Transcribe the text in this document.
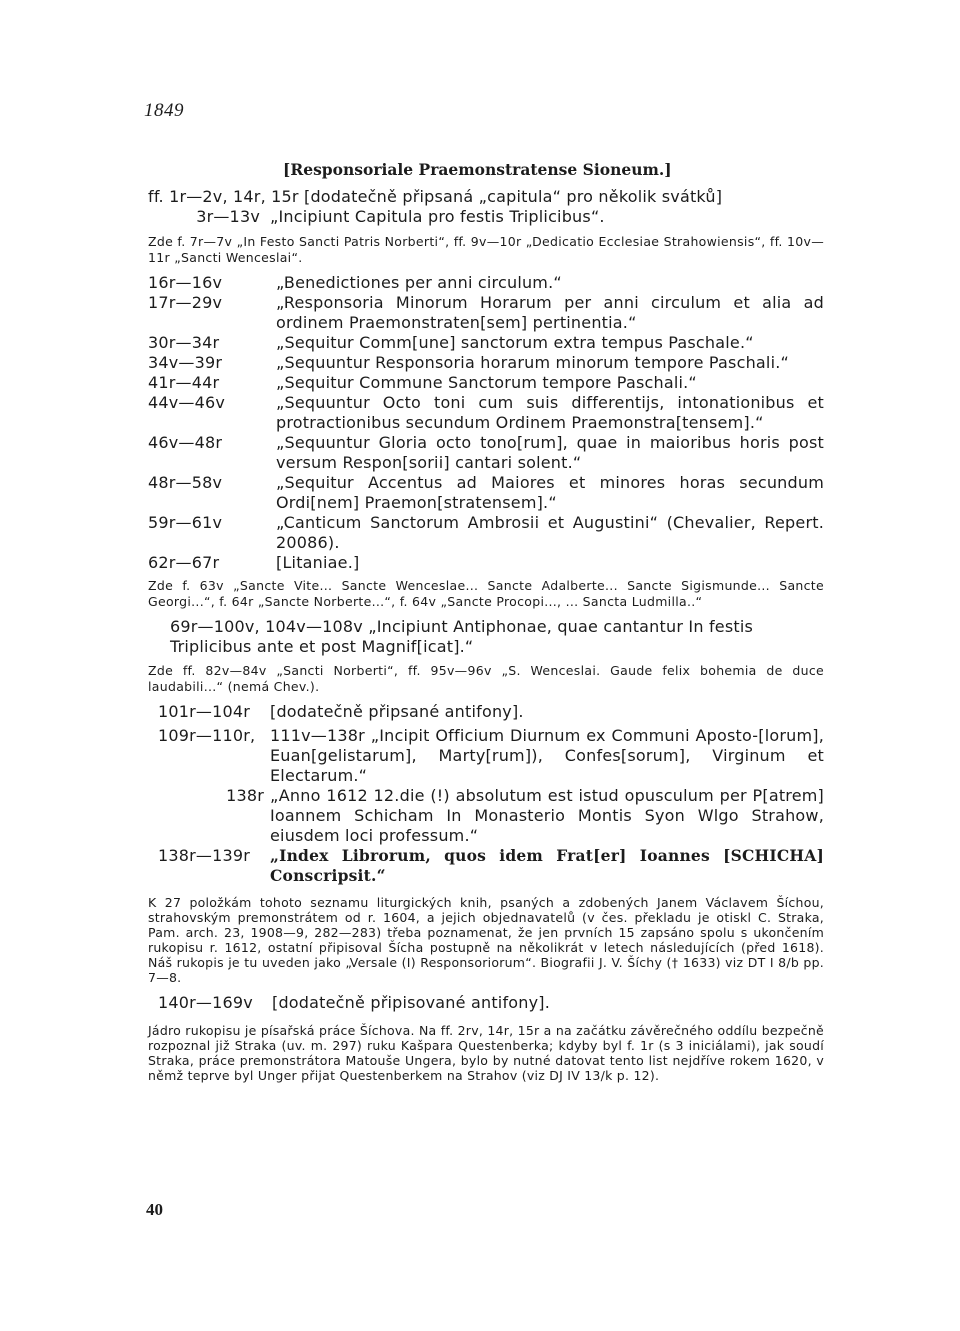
1849
[Responsoriale Praemonstratense Sioneum.]
ff. 1r—2v, 14r, 15r [dodatečně připsaná „capitula“ pro několik svátků]
3r—13v „Incipiunt Capitula pro festis Triplicibus“.
Zde f. 7r—7v „In Festo Sancti Patris Norberti“, ff. 9v—10r „Dedicatio Ecclesiae Strahowiensis“, ff. 10v—11r „Sancti Wenceslai“.
16r—16v	„Benedictiones per anni circulum.“
17r—29v	„Responsoria Minorum Horarum per anni circulum et alia ad ordinem Praemonstraten[sem] pertinentia.“
30r—34r	„Sequitur Comm[une] sanctorum extra tempus Paschale.“
34v—39r	„Sequuntur Responsoria horarum minorum tempore Paschali.“
41r—44r	„Sequitur Commune Sanctorum tempore Paschali.“
44v—46v	„Sequuntur Octo toni cum suis differentijs, intonationibus et protractionibus secundum Ordinem Praemonstra[tensem].“
46v—48r	„Sequuntur Gloria octo tono[rum], quae in maioribus horis post versum Respon[sorii] cantari solent.“
48r—58v	„Sequitur Accentus ad Maiores et minores horas secundum Ordi[nem] Praemon[stratensem].“
59r—61v	„Canticum Sanctorum Ambrosii et Augustini“ (Chevalier, Repert. 20086).
62r—67r	[Litaniae.]
Zde f. 63v „Sancte Vite... Sancte Wenceslae... Sancte Adalberte... Sancte Sigismunde... Sancte Georgi...“, f. 64r „Sancte Norberte...“, f. 64v „Sancte Procopi..., ... Sancta Ludmilla..“
69r—100v, 104v—108v „Incipiunt Antiphonae, quae cantantur In festis Triplicibus ante et post Magnif[icat].“
Zde ff. 82v—84v „Sancti Norberti“, ff. 95v—96v „S. Wenceslai. Gaude felix bohemia de duce laudabili...“ (nemá Chev.).
101r—104r	[dodatečně připsané antifony].
109r—110r, 111v—138r „Incipit Officium Diurnum ex Communi Aposto-[lorum], Euan[gelistarum], Marty[rum]), Confes[sorum], Virginum et Electarum.“
138r „Anno 1612 12.die (!) absolutum est istud opusculum per P[atrem] Ioannem Schicham In Monasterio Montis Syon Wlgo Strahow, eiusdem loci professum.“
138r—139r	„Index Librorum, quos idem Frat[er] Ioannes [SCHICHA] Conscripsit.“
K 27 položkám tohoto seznamu liturgických knih, psaných a zdobených Janem Václavem Šíchou, strahovským premonstrátem od r. 1604, a jejich objednavatelů (v čes. překladu je otiskl C. Straka, Pam. arch. 23, 1908—9, 282—283) třeba poznamenat, že jen prvních 15 zapsáno spolu s ukončením rukopisu r. 1612, ostatní připisoval Šícha postupně na několikrát v letech následujících (před 1618). Náš rukopis je tu uveden jako „Versale (I) Responsoriorum“. Biografii J. V. Šíchy († 1633) viz DT I 8/b pp. 7—8.
140r—169v	[dodatečně připisované antifony].
Jádro rukopisu je písařská práce Šíchova. Na ff. 2rv, 14r, 15r a na začátku závěrečného oddílu bezpečně rozpoznal již Straka (uv. m. 297) ruku Kašpara Questenberka; kdyby byl f. 1r (s 3 iniciálami), jak soudí Straka, práce premonstrátora Matouše Ungera, bylo by nutné datovat tento list nejdříve rokem 1620, v němž teprve byl Unger přijat Questenberkem na Strahov (viz DJ IV 13/k p. 12).
40
